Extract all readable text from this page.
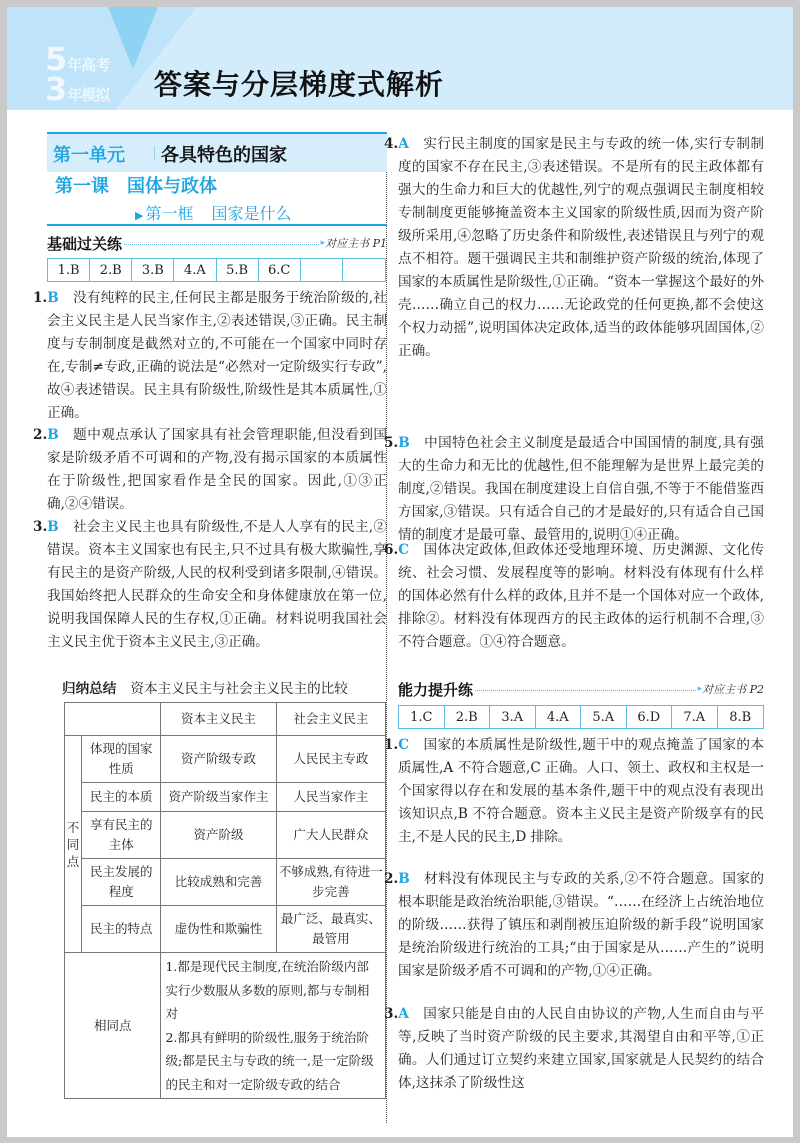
5 年高考
3 年模拟 答案与分层梯度式解析
第一单元 各具特色的国家
第一课 国体与政体
▶ 第一框 国家是什么
基础过关练	▸ 对应主书 P1
1.B	2.B	3.B	4.A	5.B	6.C

1.B 没有纯粹的民主,任何民主都是服务于统治阶级的,社会主义民主是人民当家作主,②表述错误,③正确。民主制度与专制制度是截然对立的,不可能在一个国家中同时存在,专制≠专政,正确的说法是“必然对一定阶级实行专政”,故④表述错误。民主具有阶级性,阶级性是其本质属性,①正确。

2.B 题中观点承认了国家具有社会管理职能,但没看到国家是阶级矛盾不可调和的产物,没有揭示国家的本质属性在于阶级性,把国家看作是全民的国家。因此,①③正确,②④错误。

3.B 社会主义民主也具有阶级性,不是人人享有的民主,②错误。资本主义国家也有民主,只不过具有极大欺骗性,享有民主的是资产阶级,人民的权利受到诸多限制,④错误。我国始终把人民群众的生命安全和身体健康放在第一位,说明我国保障人民的生存权,①正确。材料说明我国社会主义民主优于资本主义民主,③正确。

归纳总结 资本主义民主与社会主义民主的比较
		资本主义民主	社会主义民主
不
同
点	体现的国家性质	资产阶级专政	人民民主专政
	民主的本质	资产阶级当家作主	人民当家作主
	享有民主的主体	资产阶级	广大人民群众
	民主发展的程度	比较成熟和完善	不够成熟,有待进一步完善
	民主的特点	虚伪性和欺骗性	最广泛、最真实、最管用
相同点		1.都是现代民主制度,在统治阶级内部实行少数服从多数的原则,都与专制相对
2.都具有鲜明的阶级性,服务于统治阶级;都是民主与专政的统一,是一定阶级的民主和对一定阶级专政的结合	

4.A 实行民主制度的国家是民主与专政的统一体,实行专制制度的国家不存在民主,③表述错误。不是所有的民主政体都有强大的生命力和巨大的优越性,列宁的观点强调民主制度相较专制制度更能够掩盖资本主义国家的阶级性质,因而为资产阶级所采用,④忽略了历史条件和阶级性,表述错误且与列宁的观点不相符。题干强调民主共和制维护资产阶级的统治,体现了国家的本质属性是阶级性,①正确。“资本一掌握这个最好的外壳……确立自己的权力……无论政党的任何更换,都不会使这个权力动摇”,说明国体决定政体,适当的政体能够巩固国体,②正确。

5.B 中国特色社会主义制度是最适合中国国情的制度,具有强大的生命力和无比的优越性,但不能理解为是世界上最完美的制度,②错误。我国在制度建设上自信自强,不等于不能借鉴西方国家,③错误。只有适合自己的才是最好的,只有适合自己国情的制度才是最可靠、最管用的,说明①④正确。

6.C 国体决定政体,但政体还受地理环境、历史渊源、文化传统、社会习惯、发展程度等的影响。材料没有体现有什么样的国体必然有什么样的政体,且并不是一个国体对应一个政体,排除②。材料没有体现西方的民主政体的运行机制不合理,③不符合题意。①④符合题意。

能力提升练	▸ 对应主书 P2
1.C	2.B	3.A	4.A	5.A	6.D	7.A	8.B

1.C 国家的本质属性是阶级性,题干中的观点掩盖了国家的本质属性,A 不符合题意,C 正确。人口、领土、政权和主权是一个国家得以存在和发展的基本条件,题干中的观点没有表现出该知识点,B 不符合题意。资本主义民主是资产阶级享有的民主,不是人民的民主,D 排除。

2.B 材料没有体现民主与专政的关系,②不符合题意。国家的根本职能是政治统治职能,③错误。“……在经济上占统治地位的阶级……获得了镇压和剥削被压迫阶级的新手段”说明国家是统治阶级进行统治的工具;“由于国家是从……产生的”说明国家是阶级矛盾不可调和的产物,①④正确。

3.A 国家只能是自由的人民自由协议的产物,人生而自由与平等,反映了当时资产阶级的民主要求,其渴望自由和平等,①正确。人们通过订立契约来建立国家,国家就是人民契约的结合体,这抹杀了阶级性这
